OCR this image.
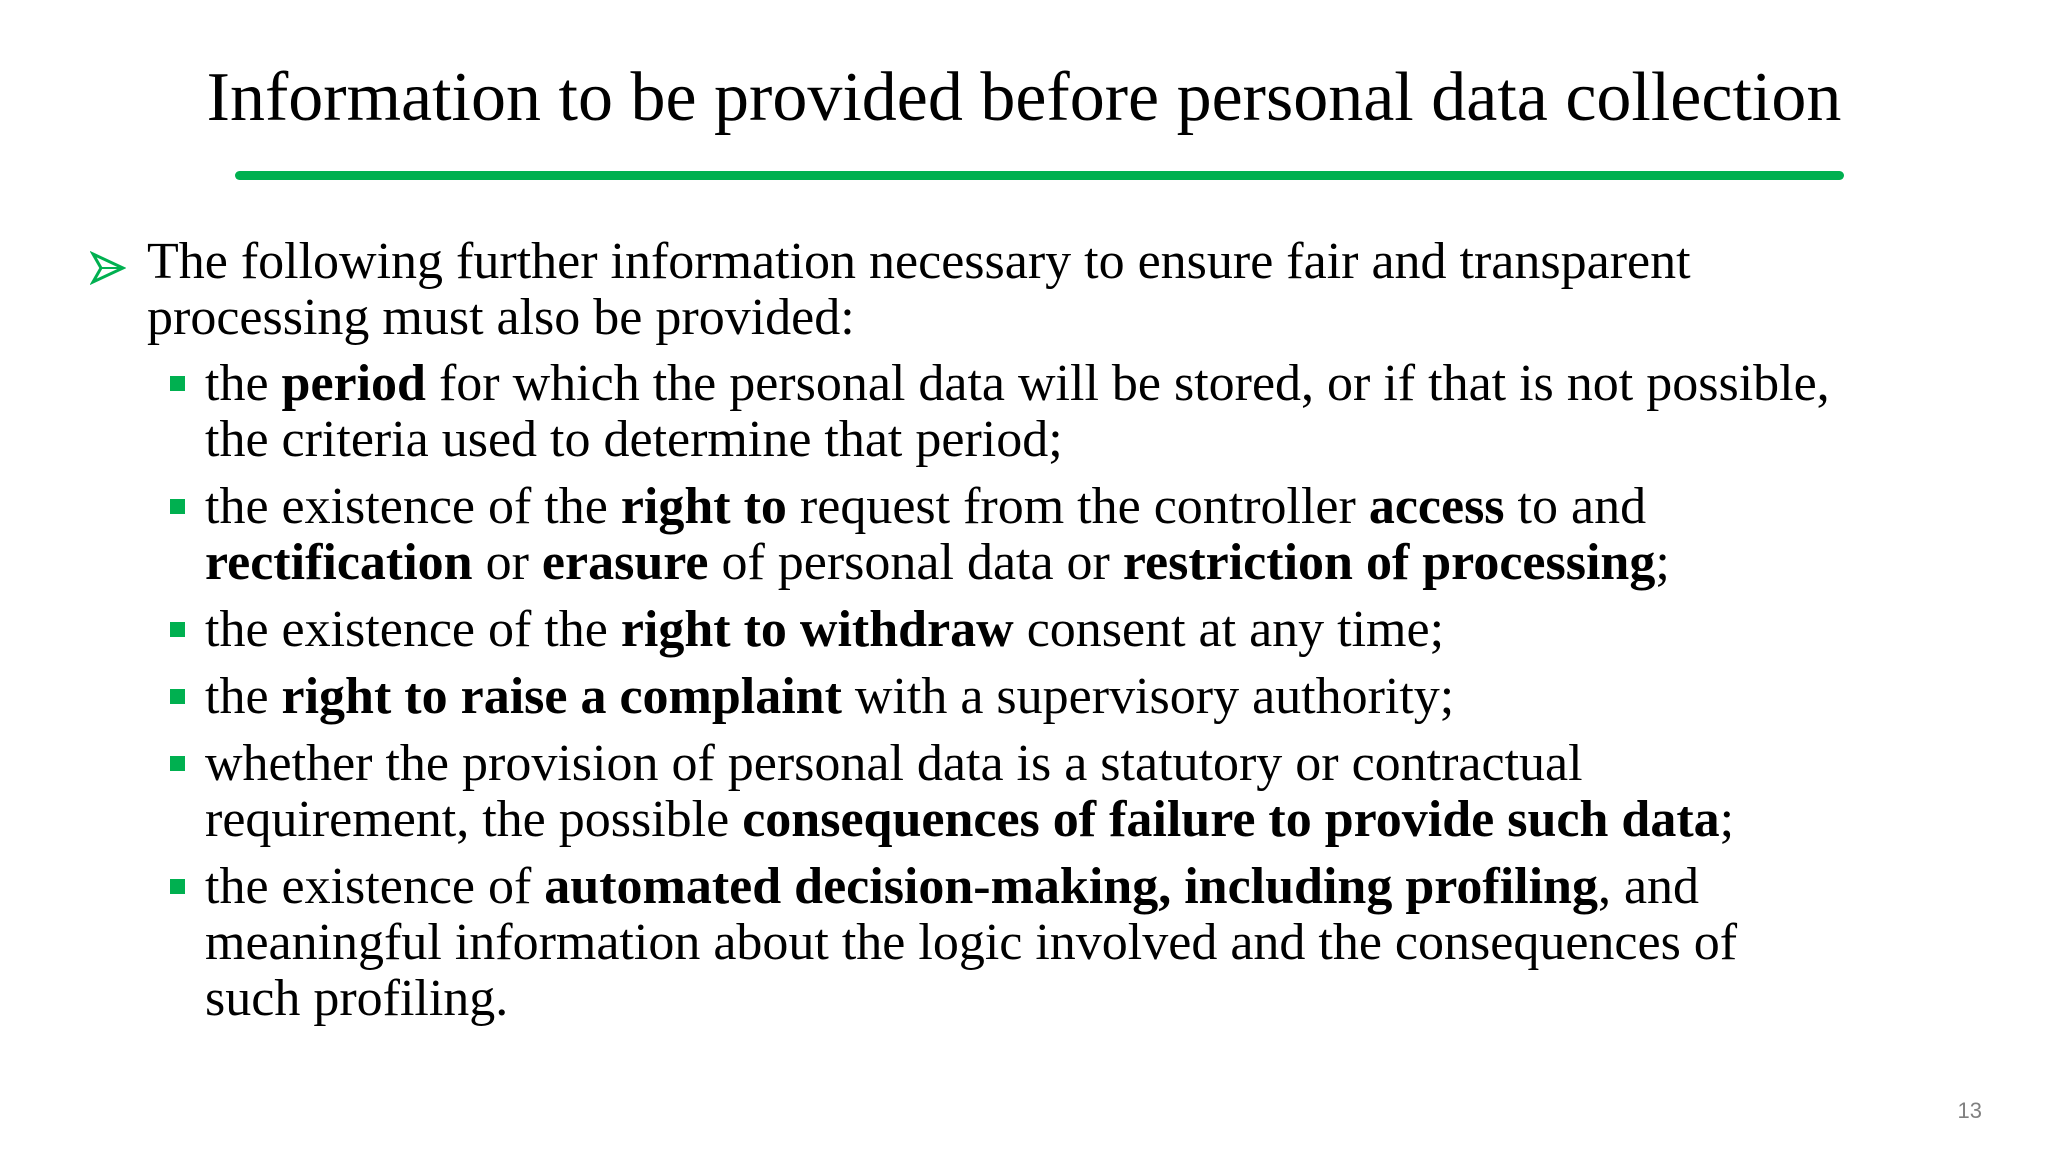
Information to be provided before personal data collection
The following further information necessary to ensure fair and transparent
processing must also be provided:
the period for which the personal data will be stored, or if that is not possible,
the criteria used to determine that period;
the existence of the right to request from the controller access to and
rectification or erasure of personal data or restriction of processing;
the existence of the right to withdraw consent at any time;
the right to raise a complaint with a supervisory authority;
whether the provision of personal data is a statutory or contractual
requirement, the possible consequences of failure to provide such data;
the existence of automated decision-making, including profiling, and
meaningful information about the logic involved and the consequences of
such profiling.
13
